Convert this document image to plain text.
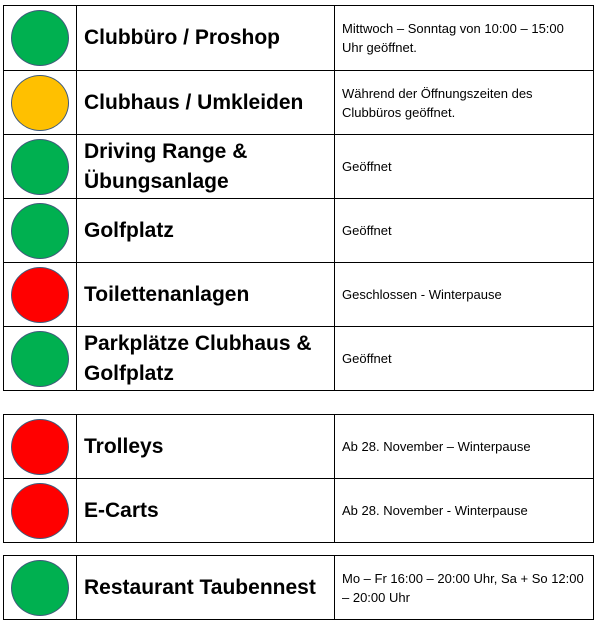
	Clubbüro / Proshop	Mittwoch – Sonntag von 10:00 – 15:00 Uhr geöffnet.

	Clubhaus / Umkleiden	Während der Öffnungszeiten des Clubbüros geöffnet.

	Driving Range & Übungsanlage	Geöffnet

	Golfplatz	Geöffnet

	Toilettenanlagen	Geschlossen - Winterpause

	Parkplätze Clubhaus & Golfplatz	Geöffnet
	Trolleys	Ab 28. November – Winterpause

	E-Carts	Ab 28. November - Winterpause
	Restaurant Taubennest	Mo – Fr 16:00 – 20:00 Uhr, Sa + So 12:00 – 20:00 Uhr
